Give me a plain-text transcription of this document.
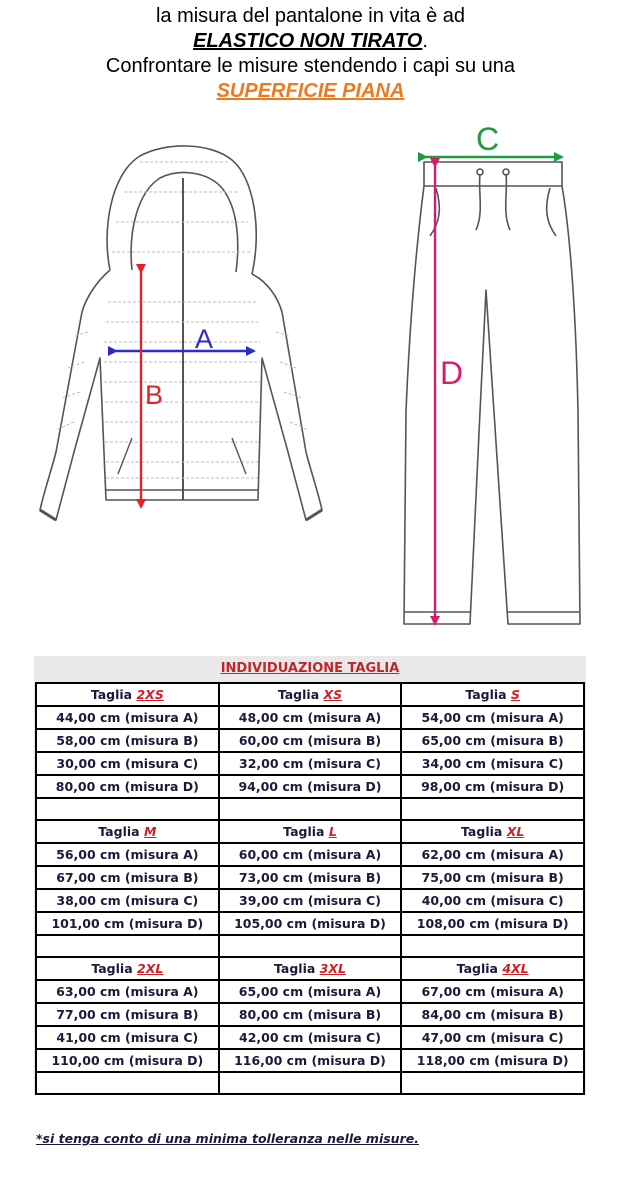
la misura del pantalone in vita è ad
ELASTICO NON TIRATO.
Confrontare le misure stendendo i capi su una
SUPERFICIE PIANA
A
B
C
D
INDIVIDUAZIONE TAGLIA
Taglia 2XS	Taglia XS	Taglia S
44,00 cm (misura A)	48,00 cm (misura A)	54,00 cm (misura A)
58,00 cm (misura B)	60,00 cm (misura B)	65,00 cm (misura B)
30,00 cm (misura C)	32,00 cm (misura C)	34,00 cm (misura C)
80,00 cm (misura D)	94,00 cm (misura D)	98,00 cm (misura D)

Taglia M	Taglia L	Taglia XL
56,00 cm (misura A)	60,00 cm (misura A)	62,00 cm (misura A)
67,00 cm (misura B)	73,00 cm (misura B)	75,00 cm (misura B)
38,00 cm (misura C)	39,00 cm (misura C)	40,00 cm (misura C)
101,00 cm (misura D)	105,00 cm (misura D)	108,00 cm (misura D)

Taglia 2XL	Taglia 3XL	Taglia 4XL
63,00 cm (misura A)	65,00 cm (misura A)	67,00 cm (misura A)
77,00 cm (misura B)	80,00 cm (misura B)	84,00 cm (misura B)
41,00 cm (misura C)	42,00 cm (misura C)	47,00 cm (misura C)
110,00 cm (misura D)	116,00 cm (misura D)	118,00 cm (misura D)

*si tenga conto di una minima tolleranza nelle misure.
